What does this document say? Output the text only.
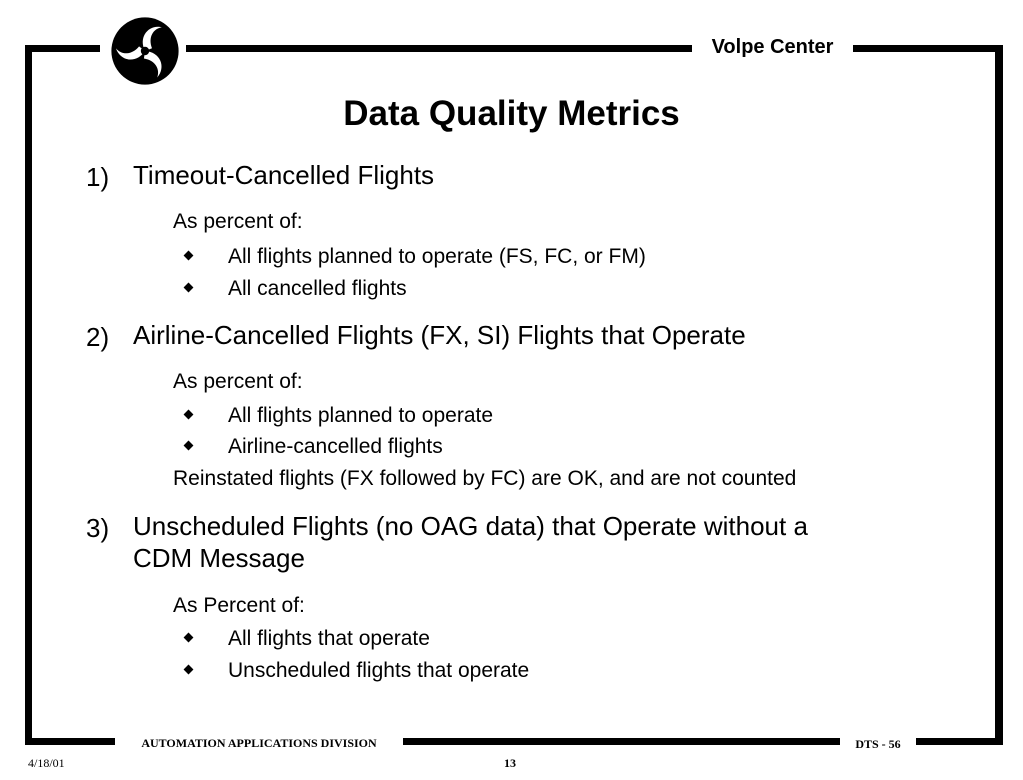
Volpe Center
Data Quality Metrics
1) Timeout-Cancelled Flights
As percent of:
All flights planned to operate (FS, FC, or FM)
All cancelled flights
2) Airline-Cancelled Flights (FX, SI) Flights that Operate
As percent of:
All flights planned to operate
Airline-cancelled flights
Reinstated flights (FX followed by FC) are OK, and are not counted
3) Unscheduled Flights (no OAG data) that Operate without a
CDM Message
As Percent of:
All flights that operate
Unscheduled flights that operate
AUTOMATION APPLICATIONS DIVISION	DTS - 56
4/18/01	13
